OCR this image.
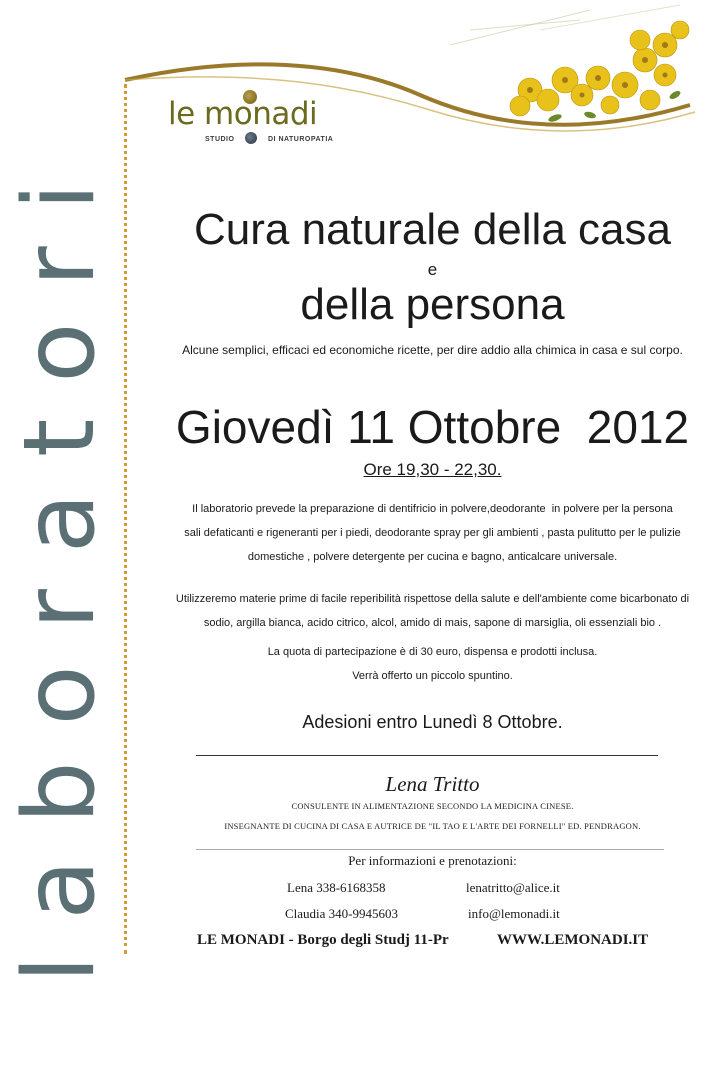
laboratori
le monadi
STUDIO	DI NATUROPATIA
Cura naturale della casa
e
della persona
Alcune semplici, efficaci ed economiche ricette, per dire addio alla chimica in casa e sul corpo.
Giovedì 11 Ottobre  2012
Ore 19,30 - 22,30.
Il laboratorio prevede la preparazione di dentifricio in polvere,deodorante  in polvere per la persona
sali defaticanti e rigeneranti per i piedi, deodorante spray per gli ambienti , pasta pulitutto per le pulizie
domestiche , polvere detergente per cucina e bagno, anticalcare universale.
Utilizzeremo materie prime di facile reperibilità rispettose della salute e dell'ambiente come bicarbonato di
sodio, argilla bianca, acido citrico, alcol, amido di mais, sapone di marsiglia, oli essenziali bio .
La quota di partecipazione è di 30 euro, dispensa e prodotti inclusa.
Verrà offerto un piccolo spuntino.
Adesioni entro Lunedì 8 Ottobre.
Lena Tritto
CONSULENTE IN ALIMENTAZIONE SECONDO LA MEDICINA CINESE.
INSEGNANTE DI CUCINA DI CASA E AUTRICE DE "IL TAO E L'ARTE DEI FORNELLI" ED. PENDRAGON.
Per informazioni e prenotazioni:
Lena 338-6168358	lenatritto@alice.it
Claudia 340-9945603	info@lemonadi.it
LE MONADI - Borgo degli Studj 11-Pr	WWW.LEMONADI.IT
